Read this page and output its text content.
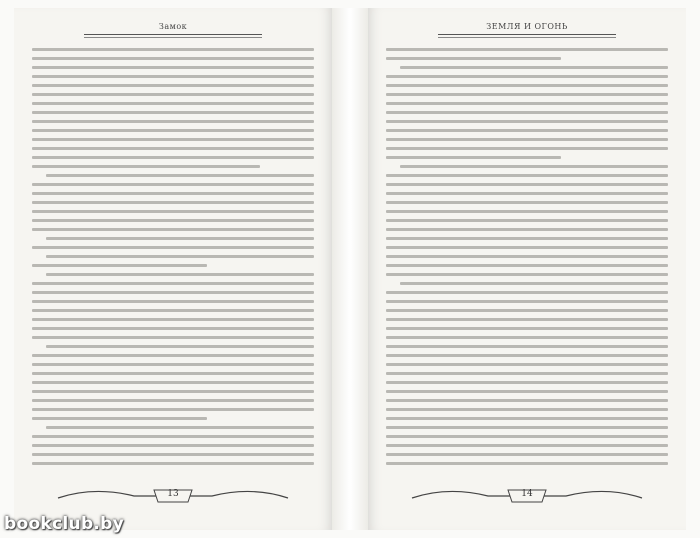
Замок
13
ЗЕМЛЯ И ОГОНЬ
14
bookclub.by
